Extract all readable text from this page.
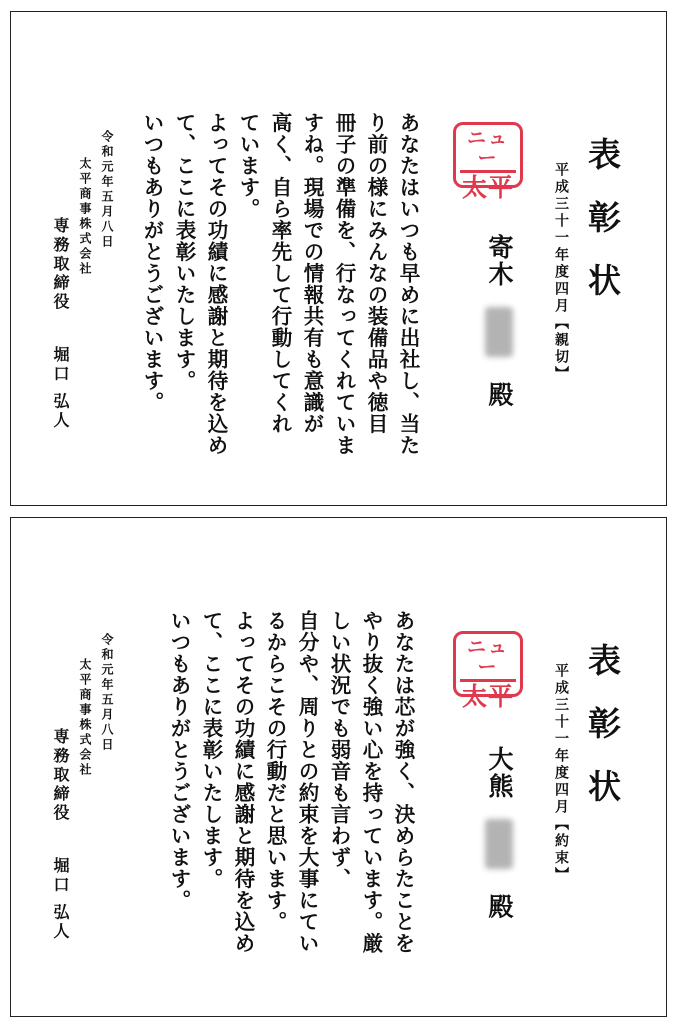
表彰状
平成三十一年度四月【親切】
ニュー
太平
寄木  殿
あなたはいつも早めに出社し、当た
り前の様にみんなの装備品や徳目
冊子の準備を、行なってくれていま
すね。現場での情報共有も意識が
高く、自ら率先して行動してくれ
ています。
よってその功績に感謝と期待を込め
て、ここに表彰いたします。
いつもありがとうございます。
令和元年五月八日
太平商事株式会社
専務取締役堀口 弘人
表彰状
平成三十一年度四月【約束】
ニュー
太平
大熊  殿
あなたは芯が強く、決めらたことを
やり抜く強い心を持っています。厳
しい状況でも弱音も言わず、
自分や、周りとの約束を大事にてい
るからこその行動だと思います。
よってその功績に感謝と期待を込め
て、ここに表彰いたします。
いつもありがとうございます。
令和元年五月八日
太平商事株式会社
専務取締役堀口 弘人
